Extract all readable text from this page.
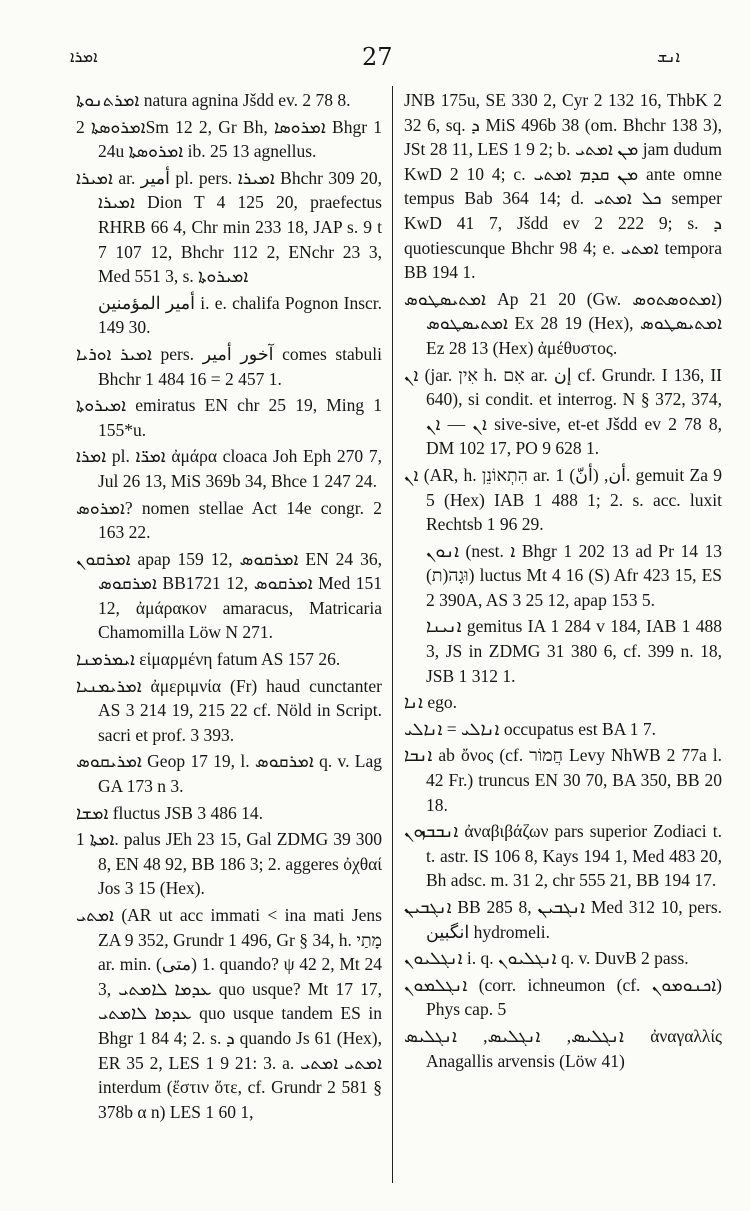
ܐܡܪܐ	27	ܐܢܫ

ܐܡܪܬܢܘܬܐ natura agnina Jšdd ev. 2 78 8.

ܐܡܪܘܣܬܐ 2Sm 12 2, Gr Bh, ܐܡܪܘܣܐ Bhgr 1 24u ܐܡܪܘܣܬܐ ib. 25 13 agnellus.

ܐܡܝܪܐ ar. أمير pl. pers. ܐܡܝܪܐ Bhchr 309 20, ܐܡܝܪܐ Dion T 4 125 20, praefectus RHRB 66 4, Chr min 233 18, JAP s. 9 t 7 107 12, Bhchr 112 2, ENchr 23 3, Med 551 3, s. ܐܡܝܪܘܬܐ

أمير المؤمنين i. e. chalifa Pognon Inscr. 149 30.

ܐܡܝܪ ܐܘܪܝܐ pers. آخور أمير comes stabuli Bhchr 1 484 16 = 2 457 1.

ܐܡܝܪܘܬܐ emiratus EN chr 25 19, Ming 1 155*u.

ܐܡܪܐ pl. ܐܡܪ̈ܐ ἀμάρα cloaca Joh Eph 270 7, Jul 26 13, MiS 369b 34, Bhce 1 247 24.

ܐܡܪܘܣ? nomen stellae Act 14e congr. 2 163 22.

ܐܡܪܩܘܢ apap 159 12, ܐܡܪܩܘܣ EN 24 36, ܐܡܪܩܘܣ BB1721 12, ܐܡܪܩܘܣ Med 151 12, ἀμάρακον amaracus, Matricaria Chamomilla Löw N 271.

ܐܝܡܪܡܢܐ εἱμαρμένη fatum AS 157 26.

ܐܡܪܝܡܢܝܐ ἀμεριμνία (Fr) haud cunctanter AS 3 214 19, 215 22 cf. Nöld in Script. sacri et prof. 3 393.

ܐܡܪܝܩܘܣ Geop 17 19, l. ܐܡܪܩܘܣ q. v. Lag GA 173 n 3.

ܐܡܫܐ fluctus JSB 3 486 14.

ܐܡܬܐ 1. palus JEh 23 15, Gal ZDMG 39 300 8, EN 48 92, BB 186 3; 2. aggeres ὀχθαί Jos 3 15 (Hex).

ܐܡܬܝ (AR ut acc immati < ina mati Jens ZA 9 352, Grundr 1 496, Gr § 34, h. מָתַי ar. min. (متى) 1. quando? ψ 42 2, Mt 24 3, ܥܕܡܐ ܠܐܡܬܝ quo usque? Mt 17 17, ܥܕܡܐ ܠܐܡܬܝ quo usque tandem ES in Bhgr 1 84 4; 2. s. ܕ quando Js 61 (Hex), ER 35 2, LES 1 9 21: 3. a. ܐܡܬܝ ܐܡܬܝ interdum (ἔστιν ὅτε, cf. Grundr 2 581 § 378b α n) LES 1 60 1,

JNB 175u, SE 330 2, Cyr 2 132 16, ThbK 2 32 6, sq. ܕ MiS 496b 38 (om. Bhchr 138 3), JSt 28 11, LES 1 9 2; b. ܡܢ ܐܡܬܝ jam dudum KwD 2 10 4; c. ܡܢ ܩܕܡ ܐܡܬܝ ante omne tempus Bab 364 14; d. ܟܠ ܐܡܬܝ semper KwD 41 7, Jšdd ev 2 222 9; s. ܕ quotiescunque Bhchr 98 4; e. ܐܡܬܝ tempora BB 194 1.

ܐܡܬܝܣܛܘܣ Ap 21 20 (Gw. ܐܡܬܘܣܬܘܣ) ܐܡܬܝܣܛܘܣ Ex 28 19 (Hex), ܐܡܬܝܣܛܘܣ Ez 28 13 (Hex) ἀμέθυστος.

ܐܢ (jar. אִין h. אִם ar. إن cf. Grundr. I 136, II 640), si condit. et interrog. N § 372, 374, ܐܢ — ܐܢ sive-sive, et-et Jšdd ev 2 78 8, DM 102 17, PO 9 628 1.

ܐܢ (AR, h. הִתְאוֹנֵן ar. أن, (أنّ) 1. gemuit Za 9 5 (Hex) IAB 1 488 1; 2. s. acc. luxit Rechtsb 1 96 29.

ܐܢܘܢ (nest. ܐ Bhgr 1 202 13 ad Pr 14 13 (ת)וּגָה) luctus Mt 4 16 (S) Afr 423 15, ES 2 390A, AS 3 25 12, apap 153 5.

ܐܢܝܢܐ gemitus IA 1 284 v 184, IAB 1 488 3, JS in ZDMG 31 380 6, cf. 399 n. 18, JSB 1 312 1.

ܐܢܐ ego.

ܐܢܐܠܝ = ܐܢܐܠܝ occupatus est BA 1 7.

ܐܢܒܐ ab ὄνος (cf. חֲמוֹר Levy NhWB 2 77a l. 42 Fr.) truncus EN 30 70, BA 350, BB 20 18.

ܐܢܒܒܙܘܢ ἀναβιβάζων pars superior Zodiaci t. t. astr. IS 106 8, Kays 194 1, Med 483 20, Bh adsc. m. 31 2, chr 555 21, BB 194 17.

ܐܢܓܒܝܢ BB 285 8, ܐܢܓܒܝܢ Med 312 10, pers. انگبين hydromeli.

ܐܢܓܠܝܘܢ i. q. ܐܢܓܠܝܘܢ q. v. DuvB 2 pass.

ܐܢܓܠܡܘܢ (corr. ichneumon (cf. ܐܟܢܘܡܘܢ) Phys cap. 5

ܐܢܓܠܝܣ, ܐܢܓܠܝܣ, ܐܢܓܠܝܣ ἀναγαλλίς Anagallis arvensis (Löw 41)
